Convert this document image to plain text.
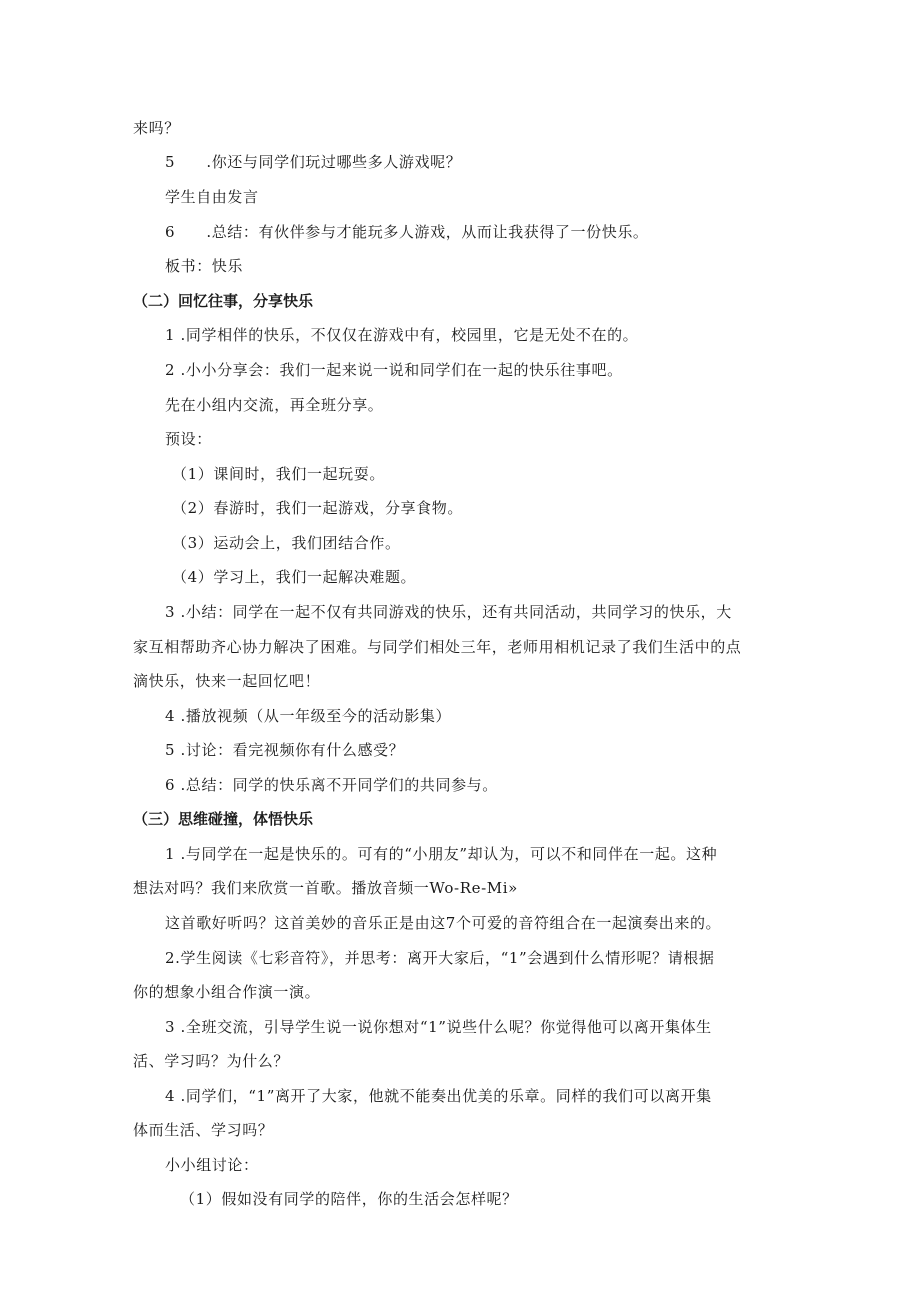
来吗？
5　　.你还与同学们玩过哪些多人游戏呢？
学生自由发言
6　　.总结：有伙伴参与才能玩多人游戏，从而让我获得了一份快乐。
板书：快乐
（二）回忆往事，分享快乐
1 .同学相伴的快乐，不仅仅在游戏中有，校园里，它是无处不在的。
2 .小小分享会：我们一起来说一说和同学们在一起的快乐往事吧。
先在小组内交流，再全班分享。
预设：
（1）课间时，我们一起玩耍。
（2）春游时，我们一起游戏，分享食物。
（3）运动会上，我们团结合作。
（4）学习上，我们一起解决难题。
3 .小结：同学在一起不仅有共同游戏的快乐，还有共同活动，共同学习的快乐，大
家互相帮助齐心协力解决了困难。与同学们相处三年，老师用相机记录了我们生活中的点
滴快乐，快来一起回忆吧！
4 .播放视频（从一年级至今的活动影集）
5 .讨论：看完视频你有什么感受？
6 .总结：同学的快乐离不开同学们的共同参与。
（三）思维碰撞，体悟快乐
1 .与同学在一起是快乐的。可有的“小朋友”却认为，可以不和同伴在一起。这种
想法对吗？我们来欣赏一首歌。播放音频一Wo-Re-Mi»
这首歌好听吗？这首美妙的音乐正是由这7个可爱的音符组合在一起演奏出来的。
2.学生阅读《七彩音符》，并思考：离开大家后，“1”会遇到什么情形呢？请根据
你的想象小组合作演一演。
3 .全班交流，引导学生说一说你想对“1”说些什么呢？你觉得他可以离开集体生
活、学习吗？为什么？
4 .同学们，“1”离开了大家，他就不能奏出优美的乐章。同样的我们可以离开集
体而生活、学习吗？
小小组讨论：
（1）假如没有同学的陪伴，你的生活会怎样呢？
